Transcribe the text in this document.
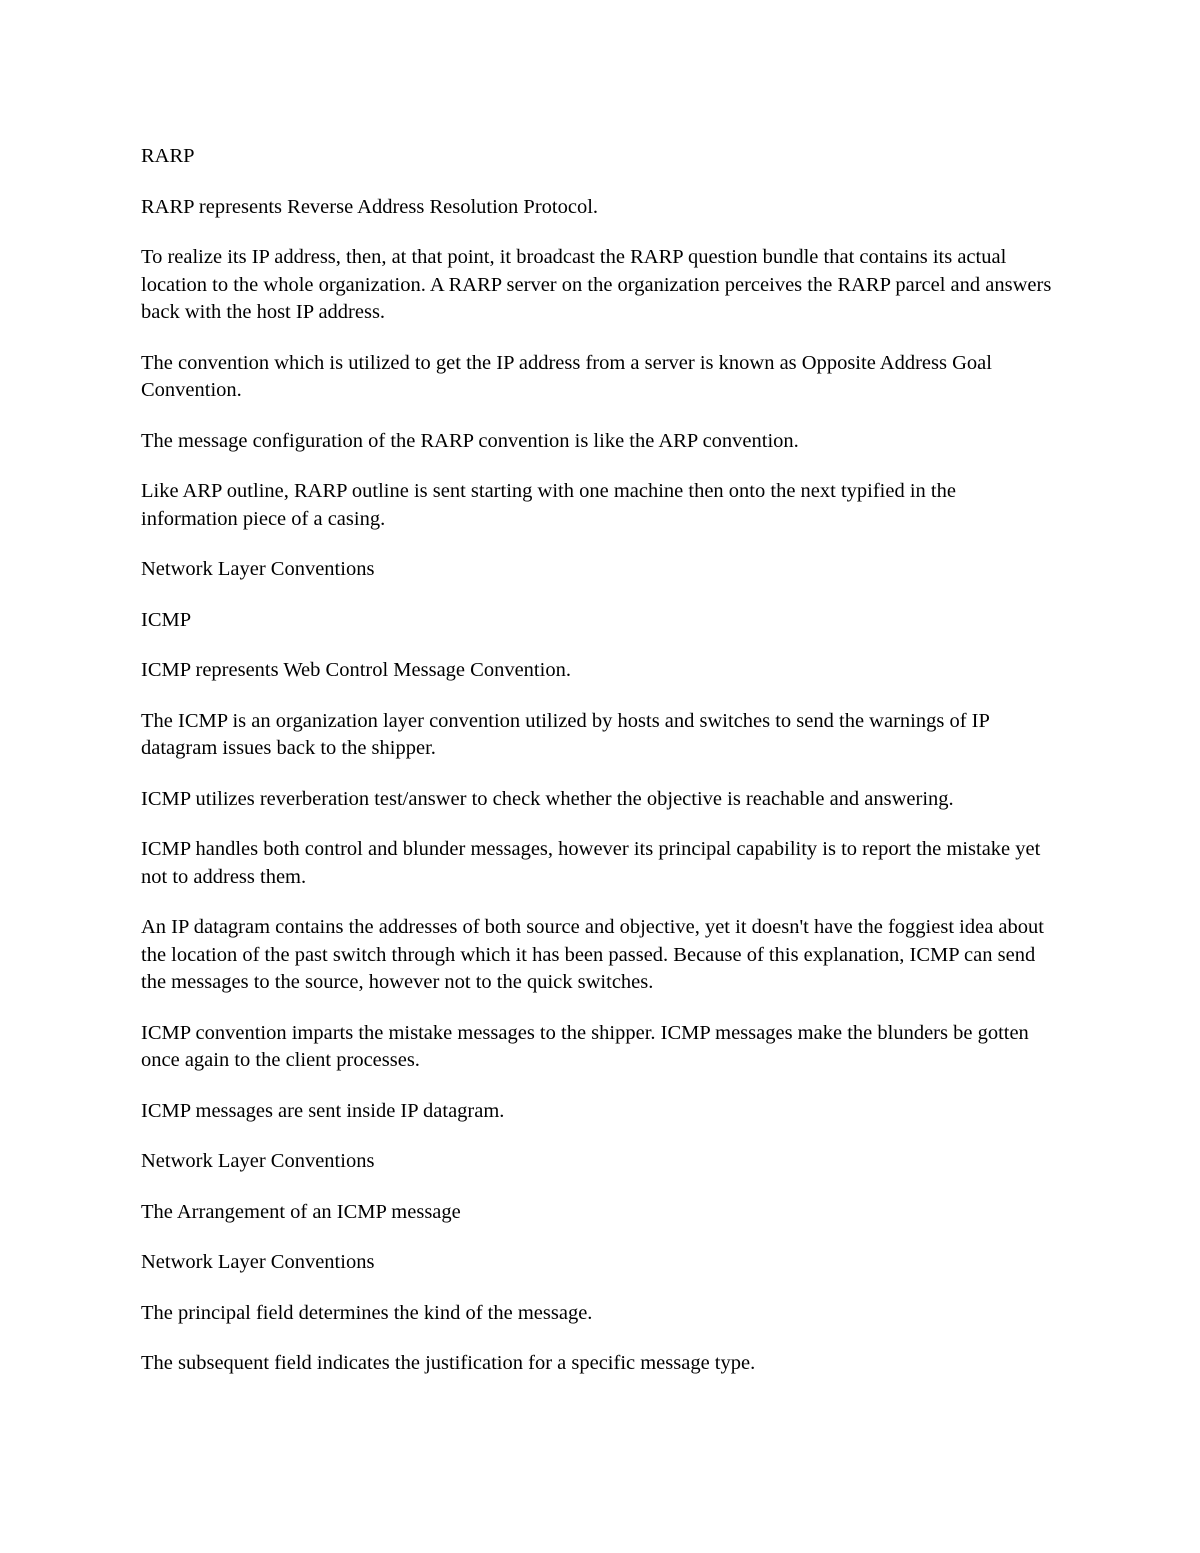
RARP

RARP represents Reverse Address Resolution Protocol.

To realize its IP address, then, at that point, it broadcast the RARP question bundle that contains its actual location to the whole organization. A RARP server on the organization perceives the RARP parcel and answers back with the host IP address.

The convention which is utilized to get the IP address from a server is known as Opposite Address Goal Convention.

The message configuration of the RARP convention is like the ARP convention.

Like ARP outline, RARP outline is sent starting with one machine then onto the next typified in the information piece of a casing.

Network Layer Conventions

ICMP

ICMP represents Web Control Message Convention.

The ICMP is an organization layer convention utilized by hosts and switches to send the warnings of IP datagram issues back to the shipper.

ICMP utilizes reverberation test/answer to check whether the objective is reachable and answering.

ICMP handles both control and blunder messages, however its principal capability is to report the mistake yet not to address them.

An IP datagram contains the addresses of both source and objective, yet it doesn't have the foggiest idea about the location of the past switch through which it has been passed. Because of this explanation, ICMP can send the messages to the source, however not to the quick switches.

ICMP convention imparts the mistake messages to the shipper. ICMP messages make the blunders be gotten once again to the client processes.

ICMP messages are sent inside IP datagram.

Network Layer Conventions

The Arrangement of an ICMP message

Network Layer Conventions

The principal field determines the kind of the message.

The subsequent field indicates the justification for a specific message type.
